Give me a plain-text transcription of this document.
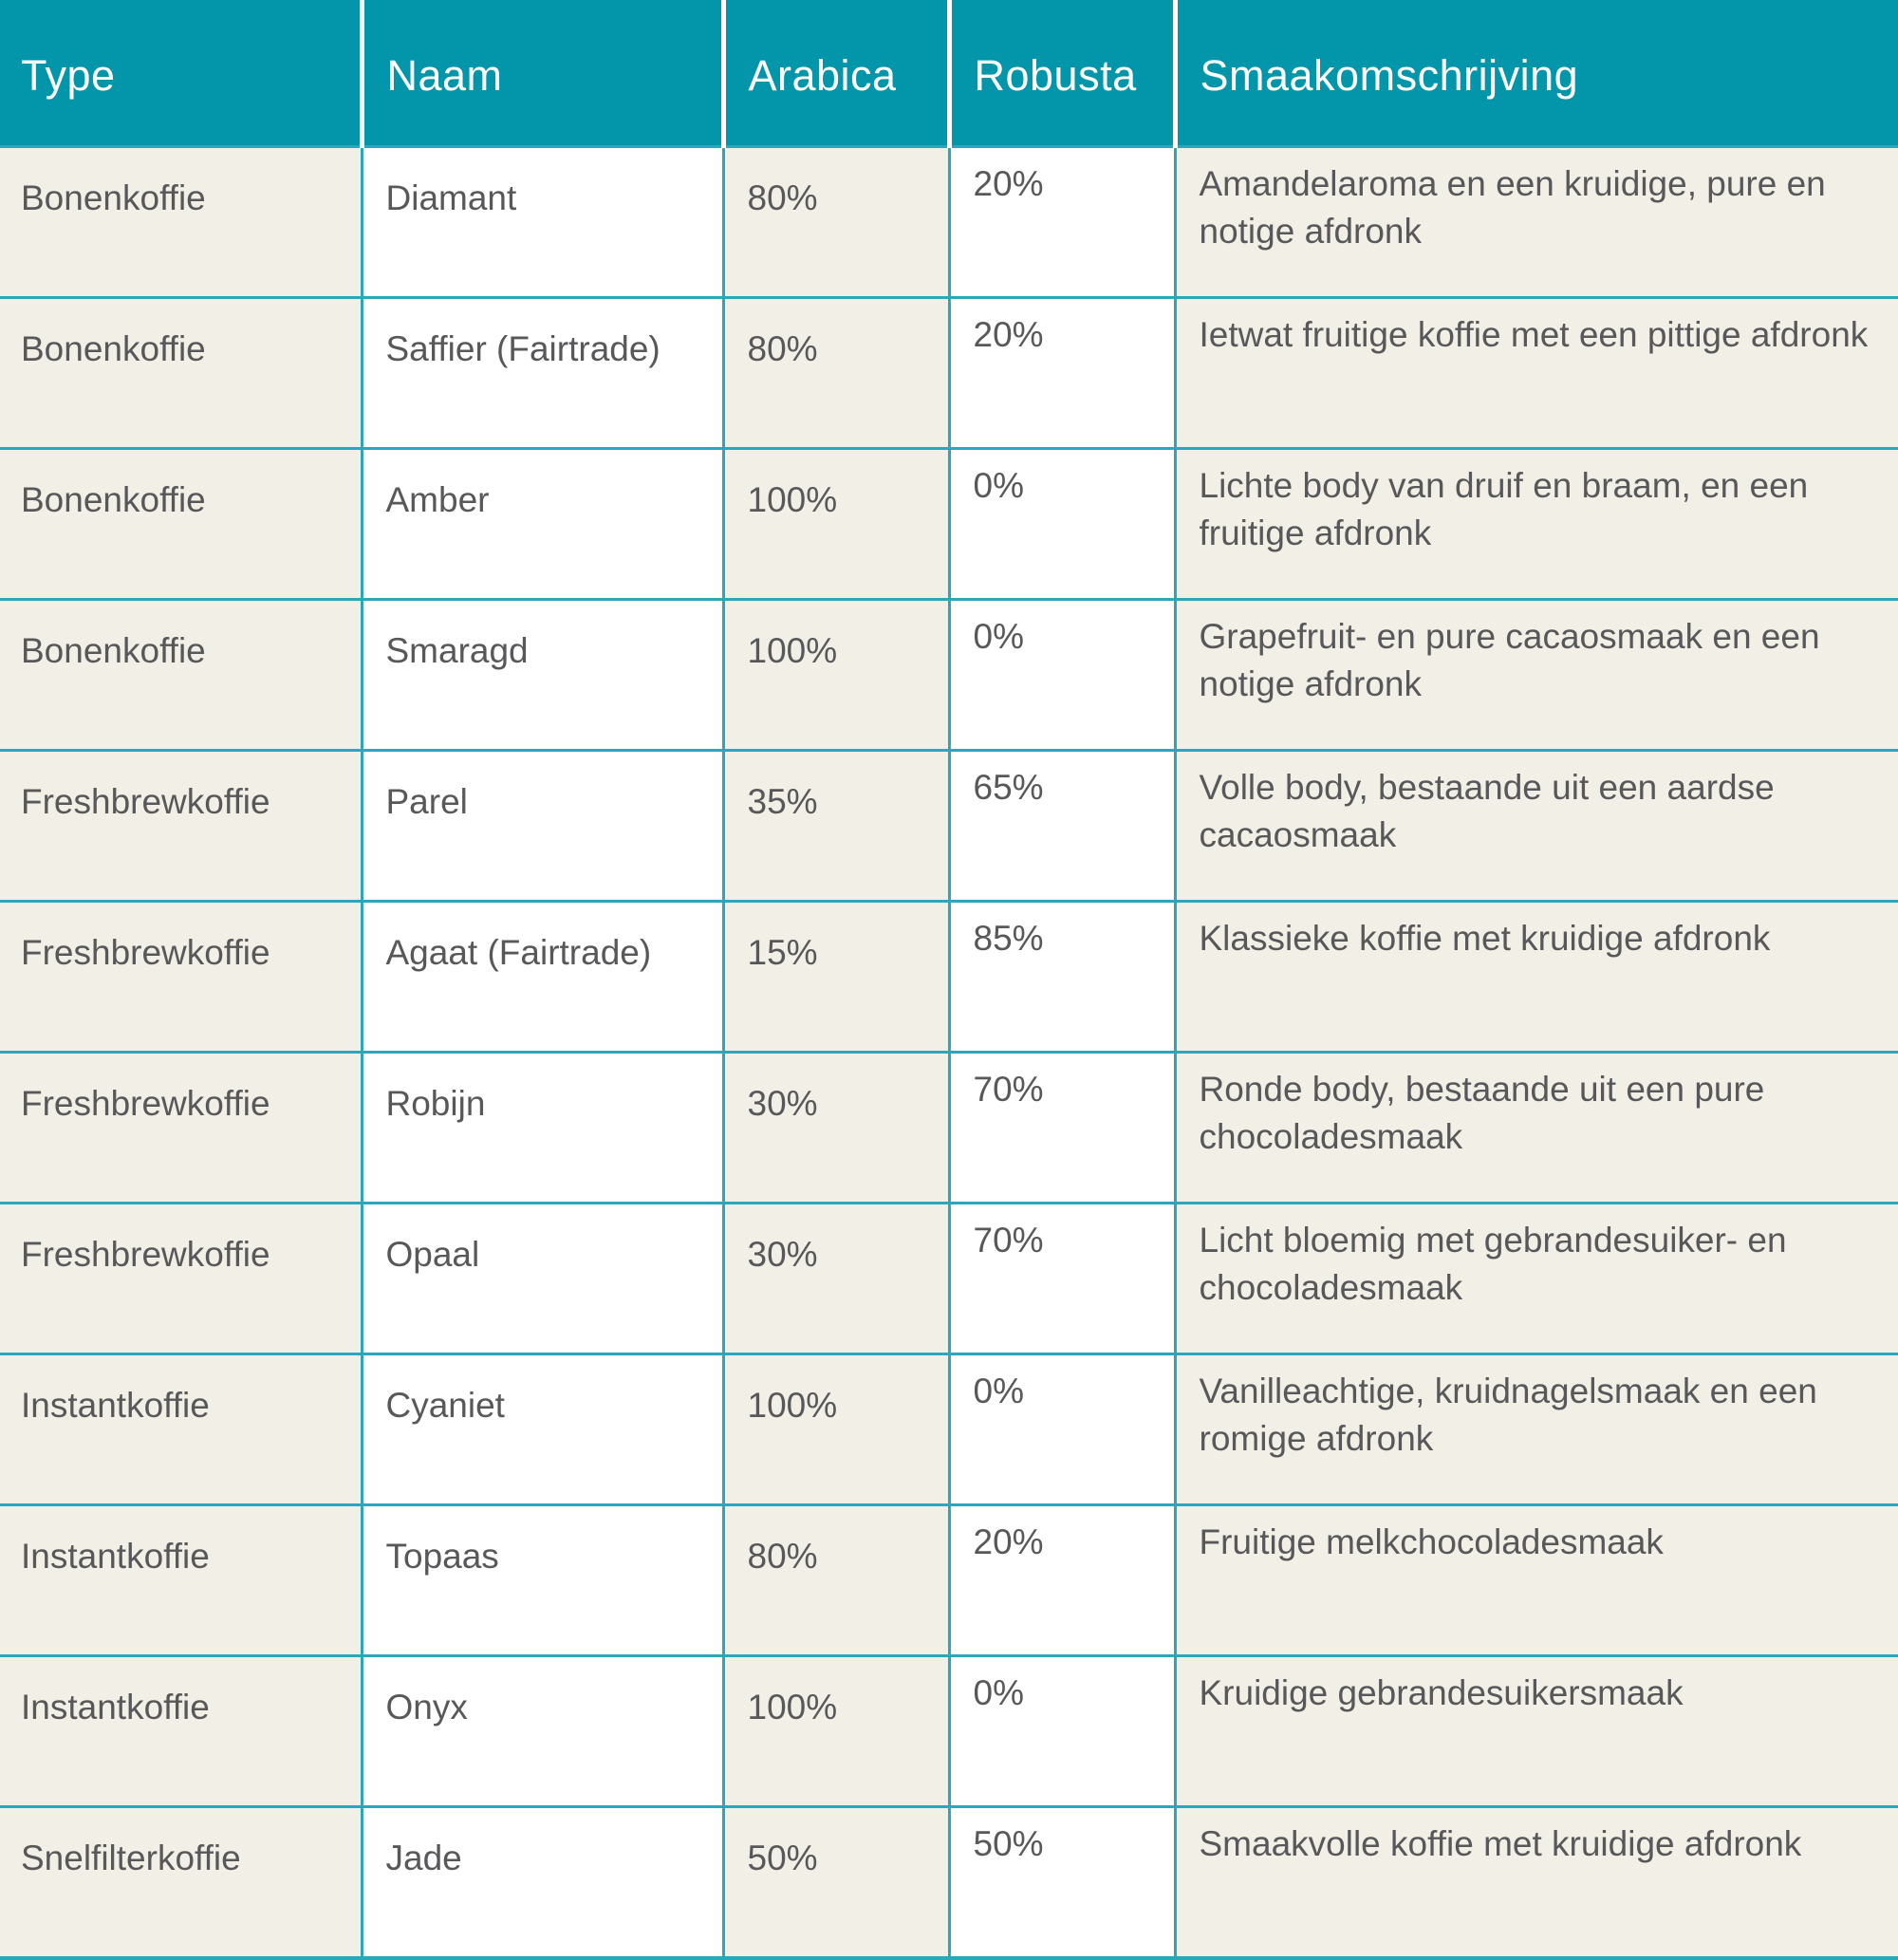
Type	Naam	Arabica	Robusta	Smaakomschrijving
Bonenkoffie	Diamant	80%	20%	Amandelaroma en een kruidige, pure en notige afdronk
Bonenkoffie	Saffier (Fairtrade)	80%	20%	Ietwat fruitige koffie met een pittige afdronk
Bonenkoffie	Amber	100%	0%	Lichte body van druif en braam, en een fruitige afdronk
Bonenkoffie	Smaragd	100%	0%	Grapefruit- en pure cacaosmaak en een notige afdronk
Freshbrewkoffie	Parel	35%	65%	Volle body, bestaande uit een aardse cacaosmaak
Freshbrewkoffie	Agaat (Fairtrade)	15%	85%	Klassieke koffie met kruidige afdronk
Freshbrewkoffie	Robijn	30%	70%	Ronde body, bestaande uit een pure chocoladesmaak
Freshbrewkoffie	Opaal	30%	70%	Licht bloemig met gebrandesuiker- en chocoladesmaak
Instantkoffie	Cyaniet	100%	0%	Vanilleachtige, kruidnagelsmaak en een romige afdronk
Instantkoffie	Topaas	80%	20%	Fruitige melkchocoladesmaak
Instantkoffie	Onyx	100%	0%	Kruidige gebrandesuikersmaak
Snelfilterkoffie	Jade	50%	50%	Smaakvolle koffie met kruidige afdronk
